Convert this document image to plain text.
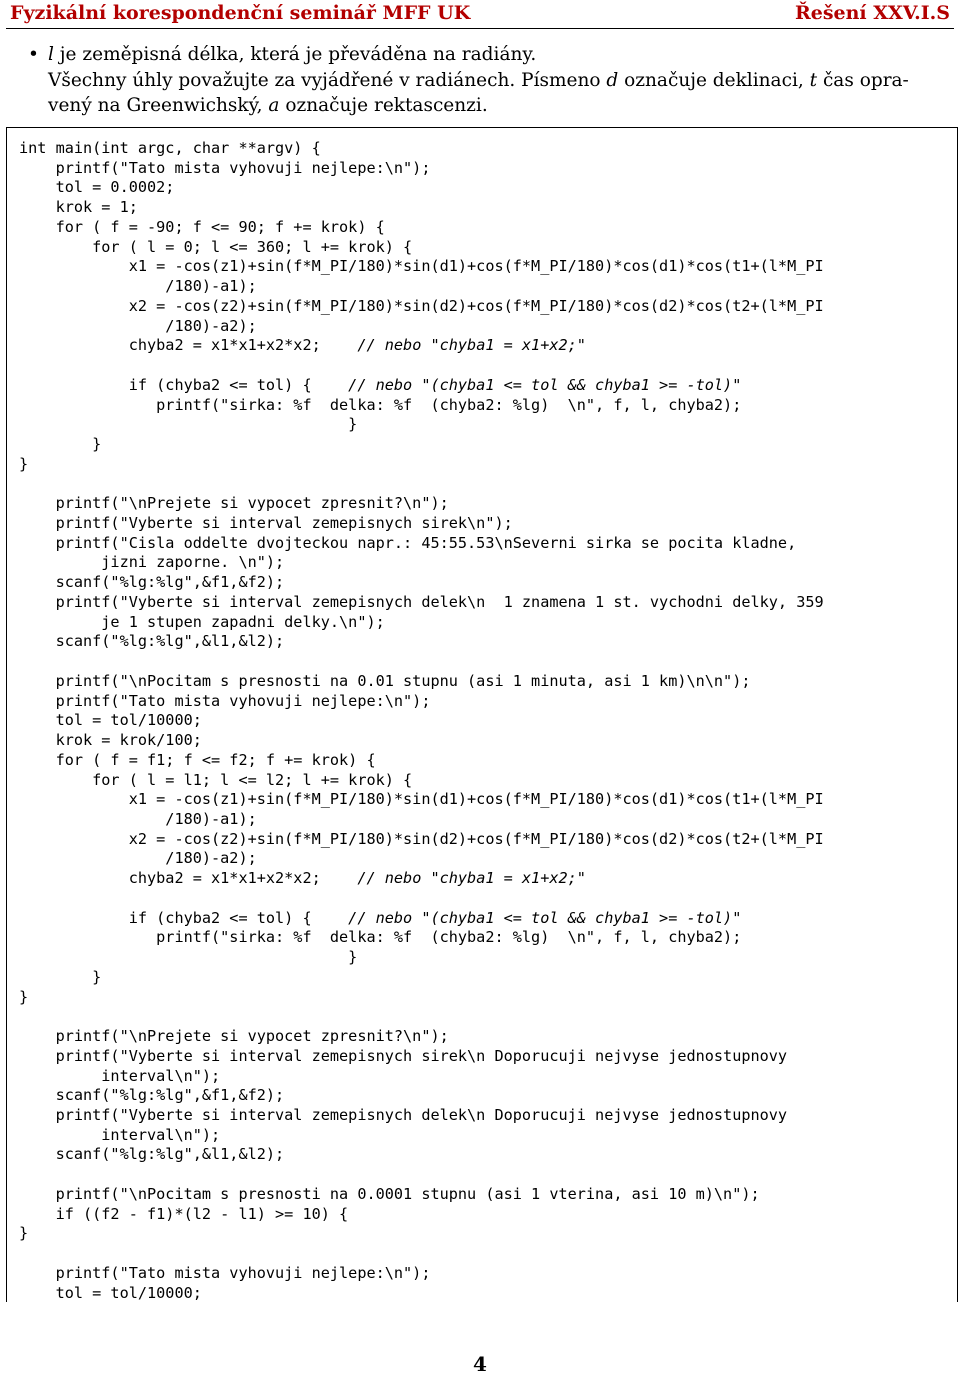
Fyzikální korespondenční seminář MFF UK	Řešení XXV.I.S
• l je zeměpisná délka, která je převáděna na radiány.
Všechny úhly považujte za vyjádřené v radiánech. Písmeno d označuje deklinaci, t čas opra-
vený na Greenwichský, a označuje rektascenzi.
int main(int argc, char **argv) {
printf("Tato mista vyhovuji nejlepe:\n");
tol = 0.0002;
krok = 1;
for ( f = -90; f <= 90; f += krok) {
for ( l = 0; l <= 360; l += krok) {
x1 = -cos(z1)+sin(f*M_PI/180)*sin(d1)+cos(f*M_PI/180)*cos(d1)*cos(t1+(l*M_PI
/180)-a1);
x2 = -cos(z2)+sin(f*M_PI/180)*sin(d2)+cos(f*M_PI/180)*cos(d2)*cos(t2+(l*M_PI
/180)-a2);
chyba2 = x1*x1+x2*x2;    // nebo "chyba1 = x1+x2;"
if (chyba2 <= tol) {    // nebo "(chyba1 <= tol && chyba1 >= -tol)"
printf("sirka: %f  delka: %f  (chyba2: %lg)  \n", f, l, chyba2);
}
}
}
printf("\nPrejete si vypocet zpresnit?\n");
printf("Vyberte si interval zemepisnych sirek\n");
printf("Cisla oddelte dvojteckou napr.: 45:55.53\nSeverni sirka se pocita kladne,
jizni zaporne. \n");
scanf("%lg:%lg",&f1,&f2);
printf("Vyberte si interval zemepisnych delek\n  1 znamena 1 st. vychodni delky, 359
je 1 stupen zapadni delky.\n");
scanf("%lg:%lg",&l1,&l2);
printf("\nPocitam s presnosti na 0.01 stupnu (asi 1 minuta, asi 1 km)\n\n");
printf("Tato mista vyhovuji nejlepe:\n");
tol = tol/10000;
krok = krok/100;
for ( f = f1; f <= f2; f += krok) {
for ( l = l1; l <= l2; l += krok) {
x1 = -cos(z1)+sin(f*M_PI/180)*sin(d1)+cos(f*M_PI/180)*cos(d1)*cos(t1+(l*M_PI
/180)-a1);
x2 = -cos(z2)+sin(f*M_PI/180)*sin(d2)+cos(f*M_PI/180)*cos(d2)*cos(t2+(l*M_PI
/180)-a2);
chyba2 = x1*x1+x2*x2;    // nebo "chyba1 = x1+x2;"
if (chyba2 <= tol) {    // nebo "(chyba1 <= tol && chyba1 >= -tol)"
printf("sirka: %f  delka: %f  (chyba2: %lg)  \n", f, l, chyba2);
}
}
}
printf("\nPrejete si vypocet zpresnit?\n");
printf("Vyberte si interval zemepisnych sirek\n Doporucuji nejvyse jednostupnovy
interval\n");
scanf("%lg:%lg",&f1,&f2);
printf("Vyberte si interval zemepisnych delek\n Doporucuji nejvyse jednostupnovy
interval\n");
scanf("%lg:%lg",&l1,&l2);
printf("\nPocitam s presnosti na 0.0001 stupnu (asi 1 vterina, asi 10 m)\n");
if ((f2 - f1)*(l2 - l1) >= 10) {
}
printf("Tato mista vyhovuji nejlepe:\n");
tol = tol/10000;
4
